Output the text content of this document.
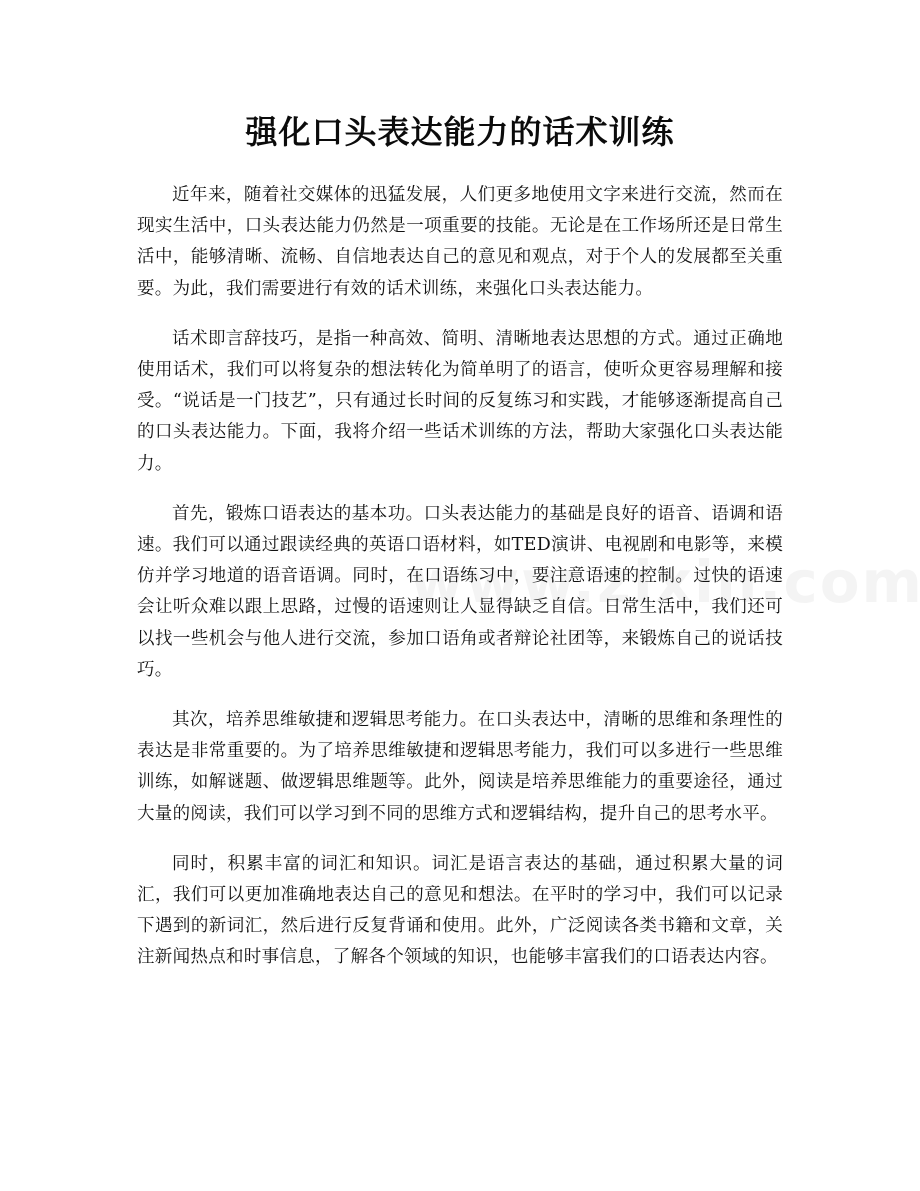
强化口头表达能力的话术训练

近年来，随着社交媒体的迅猛发展，人们更多地使用文字来进行交流，然而在现实生活中，口头表达能力仍然是一项重要的技能。无论是在工作场所还是日常生活中，能够清晰、流畅、自信地表达自己的意见和观点，对于个人的发展都至关重要。为此，我们需要进行有效的话术训练，来强化口头表达能力。

话术即言辞技巧，是指一种高效、简明、清晰地表达思想的方式。通过正确地使用话术，我们可以将复杂的想法转化为简单明了的语言，使听众更容易理解和接受。“说话是一门技艺”，只有通过长时间的反复练习和实践，才能够逐渐提高自己的口头表达能力。下面，我将介绍一些话术训练的方法，帮助大家强化口头表达能力。

首先，锻炼口语表达的基本功。口头表达能力的基础是良好的语音、语调和语速。我们可以通过跟读经典的英语口语材料，如TED演讲、电视剧和电影等，来模仿并学习地道的语音语调。同时，在口语练习中，要注意语速的控制。过快的语速会让听众难以跟上思路，过慢的语速则让人显得缺乏自信。日常生活中，我们还可以找一些机会与他人进行交流，参加口语角或者辩论社团等，来锻炼自己的说话技巧。

其次，培养思维敏捷和逻辑思考能力。在口头表达中，清晰的思维和条理性的表达是非常重要的。为了培养思维敏捷和逻辑思考能力，我们可以多进行一些思维训练，如解谜题、做逻辑思维题等。此外，阅读是培养思维能力的重要途径，通过大量的阅读，我们可以学习到不同的思维方式和逻辑结构，提升自己的思考水平。

同时，积累丰富的词汇和知识。词汇是语言表达的基础，通过积累大量的词汇，我们可以更加准确地表达自己的意见和想法。在平时的学习中，我们可以记录下遇到的新词汇，然后进行反复背诵和使用。此外，广泛阅读各类书籍和文章，关注新闻热点和时事信息，了解各个领域的知识，也能够丰富我们的口语表达内容。
